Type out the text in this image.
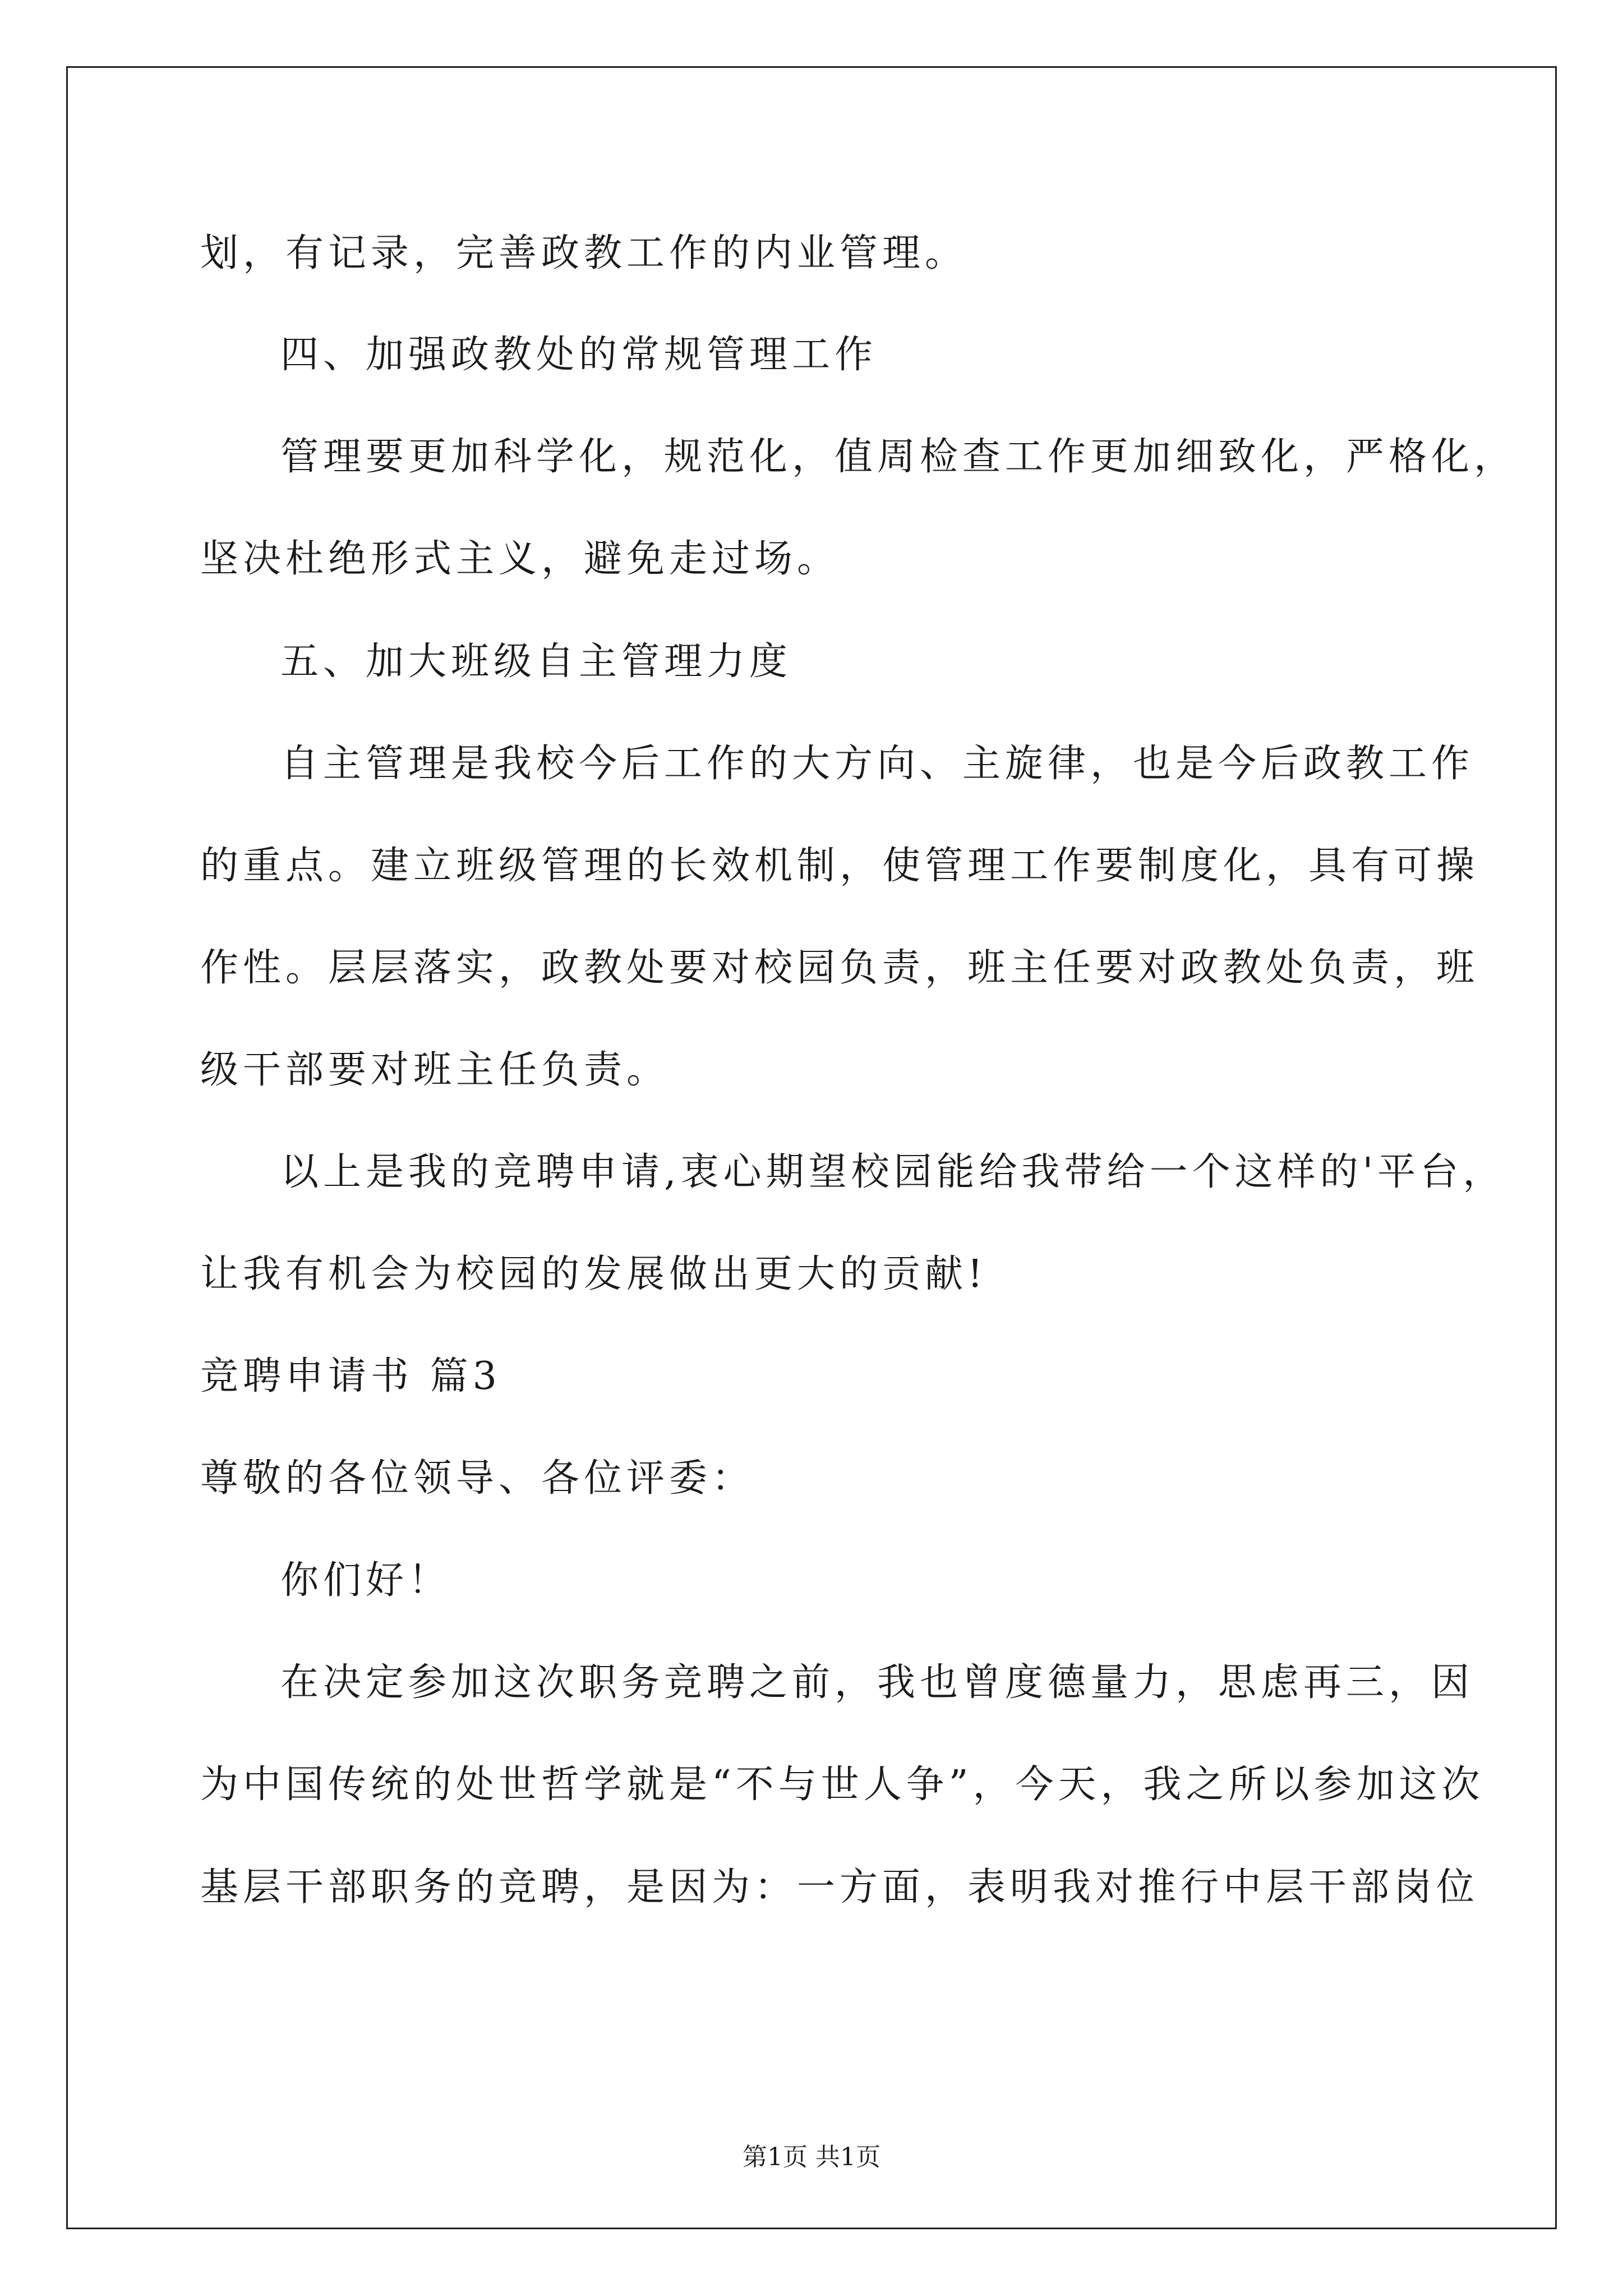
划，有记录，完善政教工作的内业管理。
四、加强政教处的常规管理工作
管理要更加科学化，规范化，值周检查工作更加细致化，严格化，
坚决杜绝形式主义，避免走过场。
五、加大班级自主管理力度
自主管理是我校今后工作的大方向、主旋律，也是今后政教工作
的重点。建立班级管理的长效机制，使管理工作要制度化，具有可操
作性。层层落实，政教处要对校园负责，班主任要对政教处负责，班
级干部要对班主任负责。
以上是我的竞聘申请,衷心期望校园能给我带给一个这样的'平台，
让我有机会为校园的发展做出更大的贡献!
竞聘申请书 篇3
尊敬的各位领导、各位评委：
你们好！
在决定参加这次职务竞聘之前，我也曾度德量力，思虑再三，因
为中国传统的处世哲学就是“不与世人争”，今天，我之所以参加这次
基层干部职务的竞聘，是因为：一方面，表明我对推行中层干部岗位
第1页 共1页
